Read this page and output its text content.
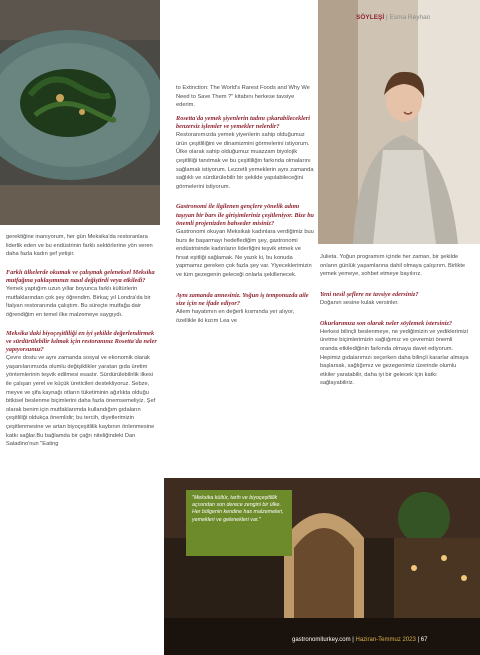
SÖYLEŞİ | Esma Reyhan

gerektiğine inanıyorum, her gün Meksika'da restoranlara liderlik eden ve bu endüstrinin farklı sektörlerine yön veren daha fazla kadın şef yetişir.

Farklı ülkelerde okumak ve çalışmak geleneksel Meksika mutfağına yaklaşımınızı nasıl değiştirdi veya etkiledi?

Yemek yaptığım uzun yıllar boyunca farklı kültürlerin mutfaklarından çok şey öğrendim. Birkaç yıl Londra'da bir İtalyan restoranında çalıştım. Bu süreçte mutfağa dair öğrendiğim en temel ilke malzemeye saygıydı.

Meksika'daki biyoçeşitliliği en iyi şekilde değerlendirmek ve sürdürülebilir kılmak için restoranınız Rosetta'da neler yapıyorsunuz?

Çevre dostu ve aynı zamanda sosyal ve ekonomik olarak yaşanılanımızda olumlu değişiklikler yaratan gıda üretim yöntemlerinin teşvik edilmesi esastır. Sürdürülebilirlik ilkesi ile çalışan yerel ve küçük üreticileri destekliyoruz. Sebze, meyve ve şifa kaynağı otların tüketiminin ağırlıkta olduğu bitkisel beslenme biçimlerini daha fazla önemsemeliyiz. Şef olarak benim için mutfaklarımda kullandığım gıdaların çeşitliliği oldukça önemlidir; bu tercih, diyetlerimizin çeşitlenmesine ve artan biyoçeşitlilik kaybının önlenmesine katkı sağlar.Bu bağlamda bir çağrı niteliğindeki Dan Saladino'nun "Eating

to Extinction: The World's Rarest Foods and Why We Need to Save Them ?" kitabını herkese tavsiye ederim.

Rosetta'da yemek şiyenlerin tadını çıkarabilecekleri benzersiz işlemler ve yemekler nelerdir?

Restoranımızda yemek yiyenlerin sahip olduğumuz ürün çeşitliliğini ve dinamizmini görmelerini istiyorum. Ülke olarak sahip olduğumuz muazzam biyolojik çeşitliliği tanıtmak ve bu çeşitliliğin farkında olmalarını sağlamak istiyorum. Lezzetli yemeklerin aynı zamanda sağlıklı ve sürdürülebilir bir şekilde yapılabileceğini görmelerini istiyorum.

Gastronomi ile ilgilenen gençlere yönelik adımı taşıyan bir bars ile girişimleriniz çeşitleniyor. Bize bu önemli projenizden bahseder misiniz?

Gastronomi okuyan Meksikalı kadınlara verdiğimiz buu burs ile başarmayı hedeflediğim şey, gastronomi endüstrisinde kadınların liderliğini teşvik etmek ve fırsat eşitliği sağlamak. Ne yazık ki, bu konuda yapmamız gereken çok fazla şey var. Yiyeceklerimizin ve tüm gezegenin geleceği onlarla şekillenecek.

Aynı zamanda annesiniz. Yoğun iş temponuzda aile size için ne ifade ediyor?

Ailem hayatımın en değerli kısmında yer alıyor, özellikle iki kızım Lea ve

Julieta. Yoğun programım içinde her zaman, bir şekilde onların günlük yaşamlarına dahil olmaya çalışırım. Birlikte yemek yemeye, sohbet etmeye bayılırız.

Yeni nesil şeflere ne tavsiye edersiniz?

Doğanın sesine kulak versinler.

Okurlarımıza son olarak neler söylemek istersiniz?

Herkesi bilinçli beslenmeye, ne yediğimizin ve yediklerimizi üretme biçimlerimizin sağlığımız ve çevremizi önemli oranda etkilediğinin farkında olmaya davet ediyorum. Hepimiz gıdalarımızı seçerken daha bilinçli kararlar almaya başlarsak, sağlığımız ve gezegenimiz üzerinde olumlu etkiler yaratabilir, daha iyi bir gelecek için katkı sağlayabiliriz.

"Meksika kültür, tarih ve biyoçeşitlilik açısından son derece zengini bir ülke. Her bölgenin kendine has malzemeleri, yemekleri ve gelenekleri var."
gastronomiturkey.com | Haziran-Temmuz 2023 | 67
